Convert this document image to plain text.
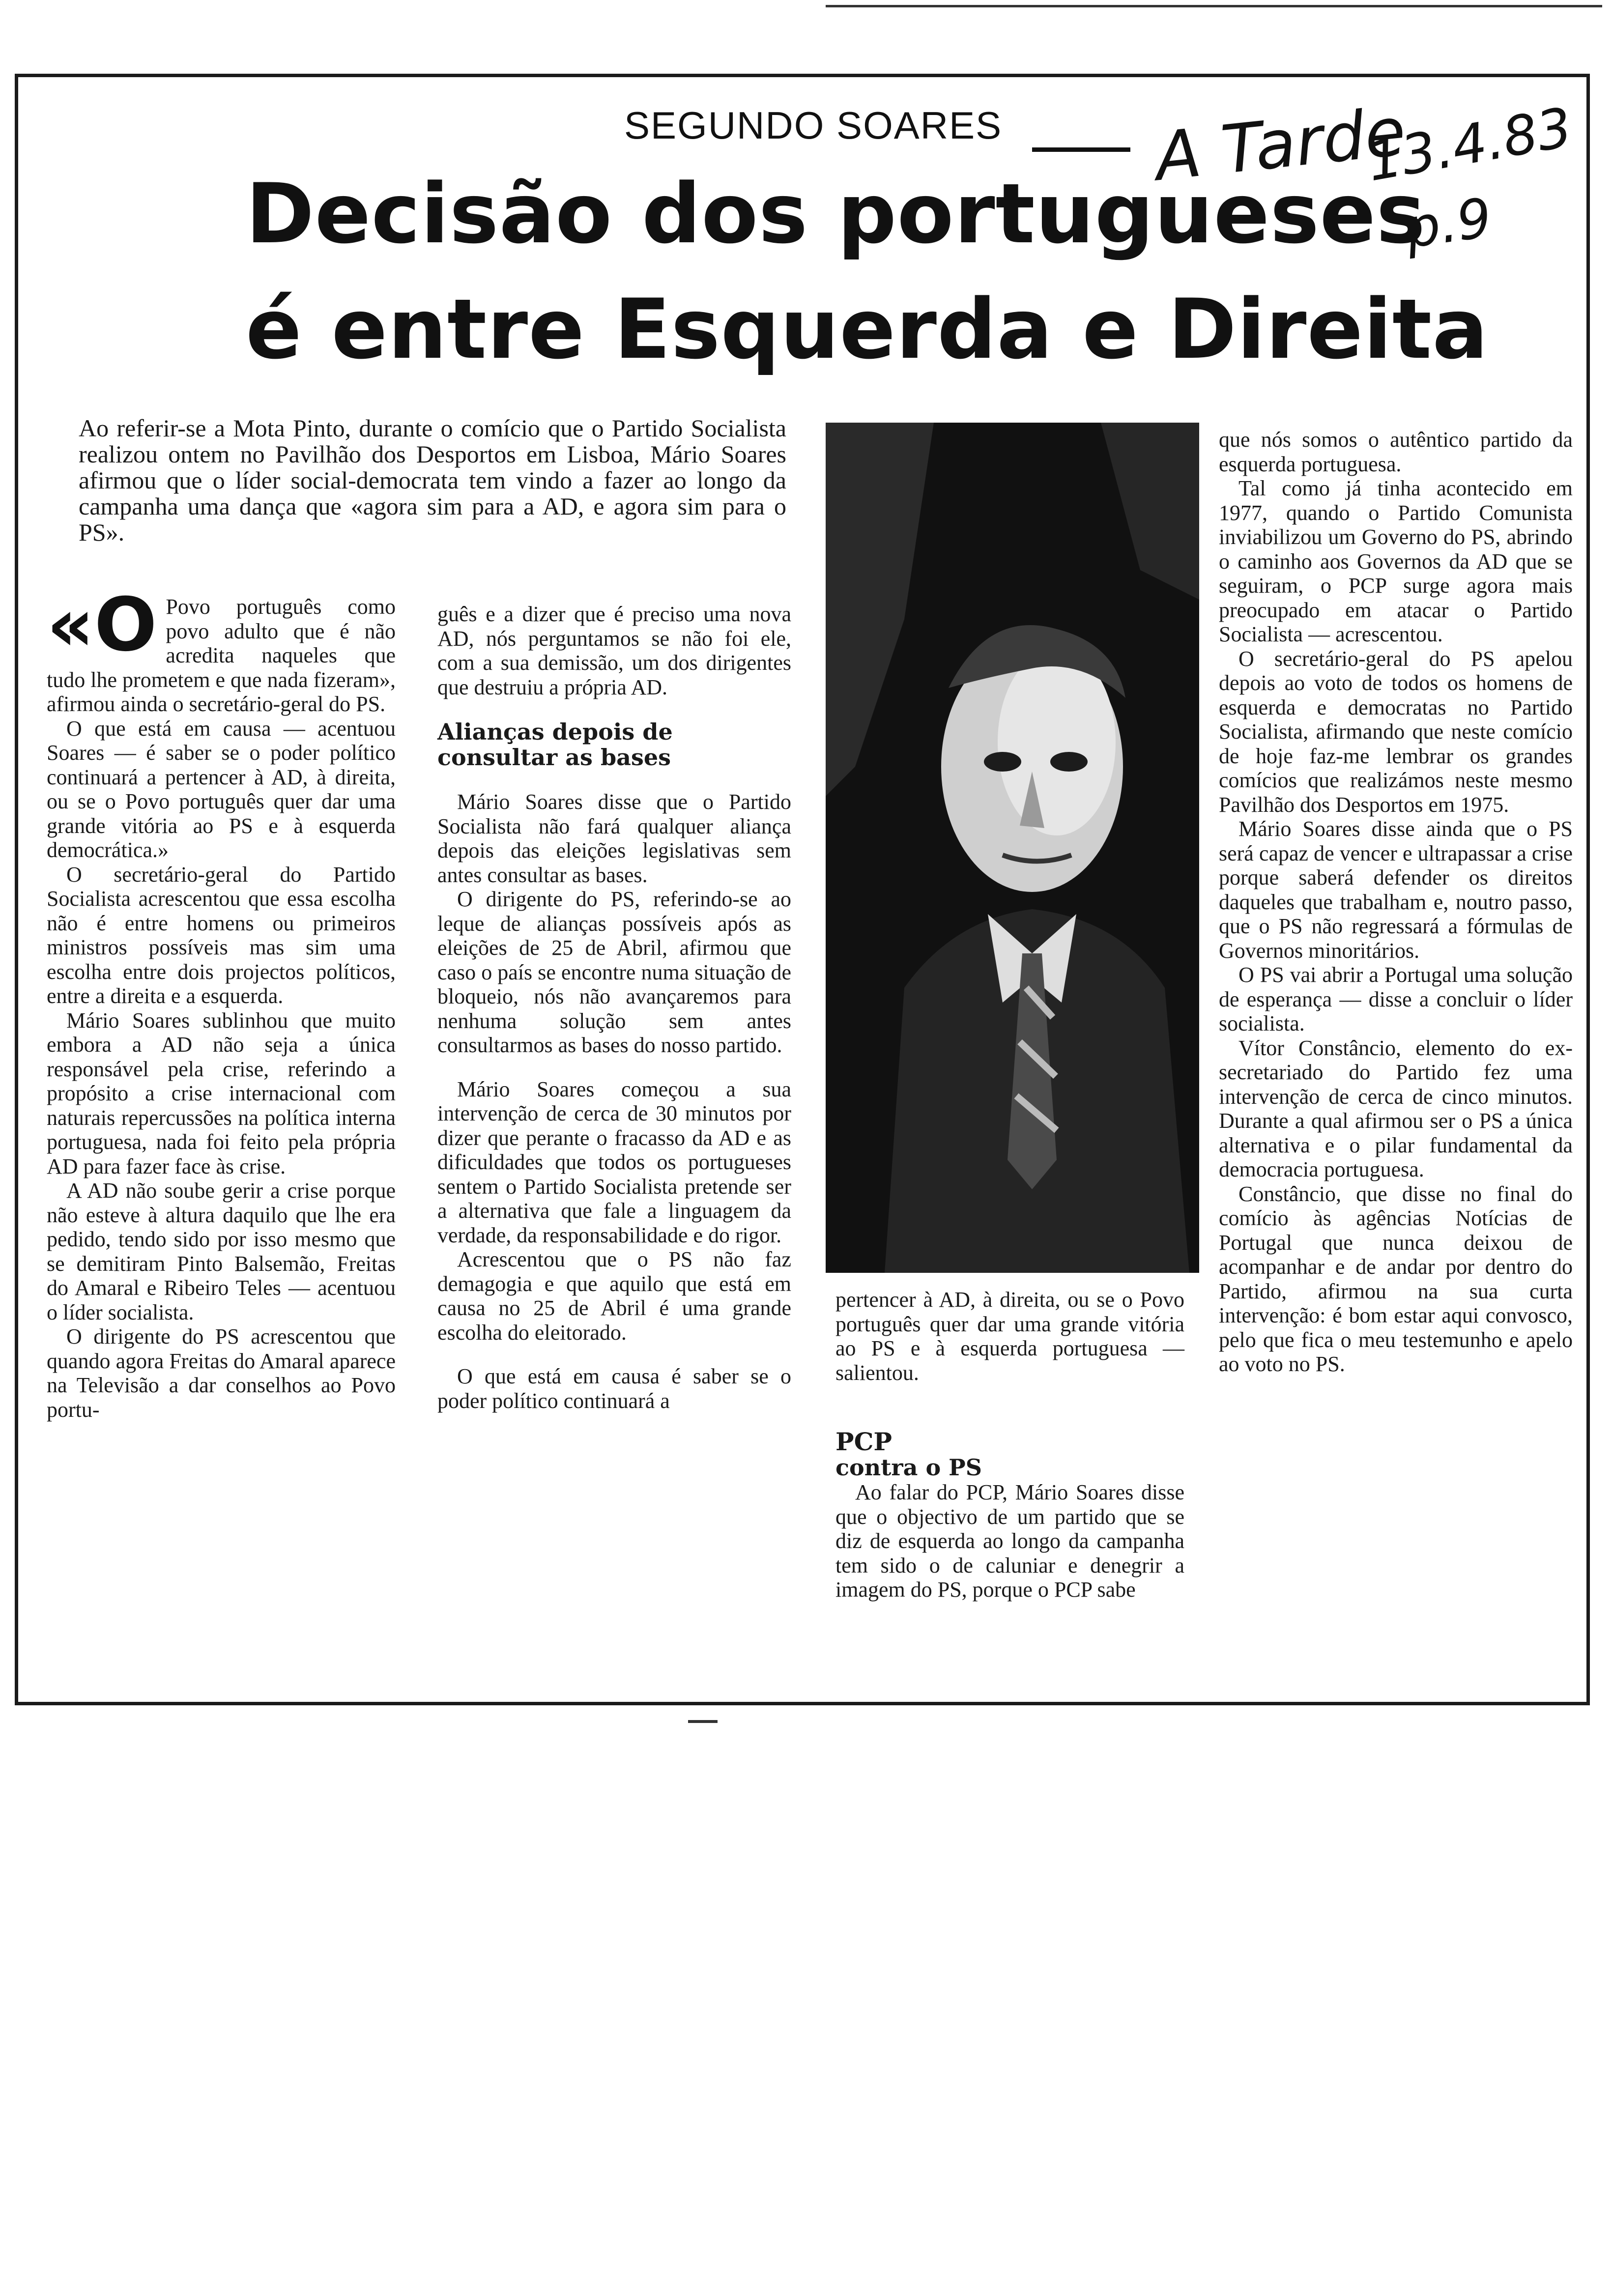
SEGUNDO SOARES A Tarde
13.4.83
p.9
Decisão dos portugueses
é entre Esquerda e Direita

Ao referir-se a Mota Pinto, durante o comício que o Partido Socialista realizou ontem no Pavilhão dos Desportos em Lisboa, Mário Soares afirmou que o líder social-democrata tem vindo a fazer ao longo da campanha uma dança que «agora sim para a AD, e agora sim para o PS».

«O Povo português como povo adulto que é não acredita naqueles que tudo lhe prometem e que nada fizeram», afirmou ainda o secretário-geral do PS.

O que está em causa — acentuou Soares — é saber se o poder político continuará a pertencer à AD, à direita, ou se o Povo português quer dar uma grande vitória ao PS e à esquerda democrática.»

O secretário-geral do Partido Socialista acrescentou que essa escolha não é entre homens ou primeiros ministros possíveis mas sim uma escolha entre dois projectos políticos, entre a direita e a esquerda.

Mário Soares sublinhou que muito embora a AD não seja a única responsável pela crise, referindo a propósito a crise internacional com naturais repercussões na política interna portuguesa, nada foi feito pela própria AD para fazer face às crise.

A AD não soube gerir a crise porque não esteve à altura daquilo que lhe era pedido, tendo sido por isso mesmo que se demitiram Pinto Balsemão, Freitas do Amaral e Ribeiro Teles — acentuou o líder socialista.

O dirigente do PS acrescentou que quando agora Freitas do Amaral aparece na Televisão a dar conselhos ao Povo portu-

guês e a dizer que é preciso uma nova AD, nós perguntamos se não foi ele, com a sua demissão, um dos dirigentes que destruiu a própria AD.

Alianças depois de consultar as bases

Mário Soares disse que o Partido Socialista não fará qualquer aliança depois das eleições legislativas sem antes consultar as bases.

O dirigente do PS, referindo-se ao leque de alianças possíveis após as eleições de 25 de Abril, afirmou que caso o país se encontre numa situação de bloqueio, nós não avançaremos para nenhuma solução sem antes consultarmos as bases do nosso partido.

Mário Soares começou a sua intervenção de cerca de 30 minutos por dizer que perante o fracasso da AD e as dificuldades que todos os portugueses sentem o Partido Socialista pretende ser a alternativa que fale a linguagem da verdade, da responsabilidade e do rigor.

Acrescentou que o PS não faz demagogia e que aquilo que está em causa no 25 de Abril é uma grande escolha do eleitorado.

O que está em causa é saber se o poder político continuará a

pertencer à AD, à direita, ou se o Povo português quer dar uma grande vitória ao PS e à esquerda portuguesa — salientou.

PCP

contra o PS

Ao falar do PCP, Mário Soares disse que o objectivo de um partido que se diz de esquerda ao longo da campanha tem sido o de caluniar e denegrir a imagem do PS, porque o PCP sabe

que nós somos o autêntico partido da esquerda portuguesa.

Tal como já tinha acontecido em 1977, quando o Partido Comunista inviabilizou um Governo do PS, abrindo o caminho aos Governos da AD que se seguiram, o PCP surge agora mais preocupado em atacar o Partido Socialista — acrescentou.

O secretário-geral do PS apelou depois ao voto de todos os homens de esquerda e democratas no Partido Socialista, afirmando que neste comício de hoje faz-me lembrar os grandes comícios que realizámos neste mesmo Pavilhão dos Desportos em 1975.

Mário Soares disse ainda que o PS será capaz de vencer e ultrapassar a crise porque saberá defender os direitos daqueles que trabalham e, noutro passo, que o PS não regressará a fórmulas de Governos minoritários.

O PS vai abrir a Portugal uma solução de esperança — disse a concluir o líder socialista.

Vítor Constâncio, elemento do ex-secretariado do Partido fez uma intervenção de cerca de cinco minutos. Durante a qual afirmou ser o PS a única alternativa e o pilar fundamental da democracia portuguesa.

Constâncio, que disse no final do comício às agências Notícias de Portugal que nunca deixou de acompanhar e de andar por dentro do Partido, afirmou na sua curta intervenção: é bom estar aqui convosco, pelo que fica o meu testemunho e apelo ao voto no PS.
